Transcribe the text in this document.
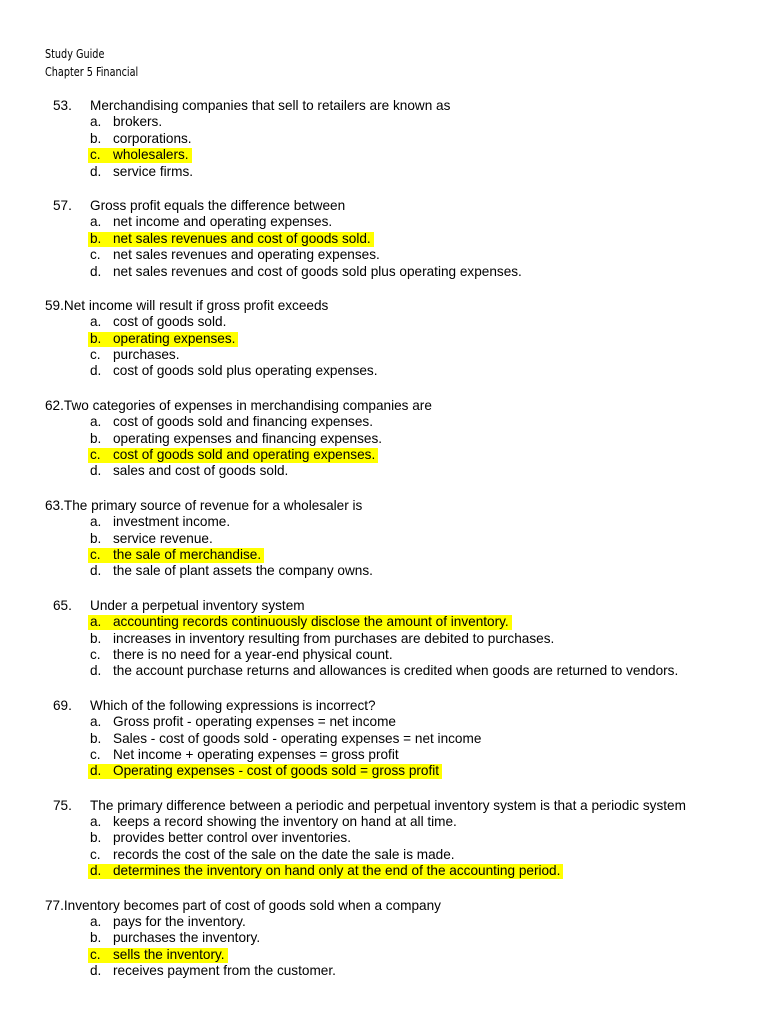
Study Guide
Chapter 5 Financial
53. Merchandising companies that sell to retailers are known as
a. brokers.
b. corporations.
c. wholesalers.
d. service firms.
57. Gross profit equals the difference between
a. net income and operating expenses.
b. net sales revenues and cost of goods sold.
c. net sales revenues and operating expenses.
d. net sales revenues and cost of goods sold plus operating expenses.
59.Net income will result if gross profit exceeds
a. cost of goods sold.
b. operating expenses.
c. purchases.
d. cost of goods sold plus operating expenses.
62.Two categories of expenses in merchandising companies are
a. cost of goods sold and financing expenses.
b. operating expenses and financing expenses.
c. cost of goods sold and operating expenses.
d. sales and cost of goods sold.
63.The primary source of revenue for a wholesaler is
a. investment income.
b. service revenue.
c. the sale of merchandise.
d. the sale of plant assets the company owns.
65. Under a perpetual inventory system
a. accounting records continuously disclose the amount of inventory.
b. increases in inventory resulting from purchases are debited to purchases.
c. there is no need for a year-end physical count.
d. the account purchase returns and allowances is credited when goods are returned to vendors.
69. Which of the following expressions is incorrect?
a. Gross profit - operating expenses = net income
b. Sales - cost of goods sold - operating expenses = net income
c. Net income + operating expenses = gross profit
d. Operating expenses - cost of goods sold = gross profit
75. The primary difference between a periodic and perpetual inventory system is that a periodic system
a. keeps a record showing the inventory on hand at all time.
b. provides better control over inventories.
c. records the cost of the sale on the date the sale is made.
d. determines the inventory on hand only at the end of the accounting period.
77.Inventory becomes part of cost of goods sold when a company
a. pays for the inventory.
b. purchases the inventory.
c. sells the inventory.
d. receives payment from the customer.
